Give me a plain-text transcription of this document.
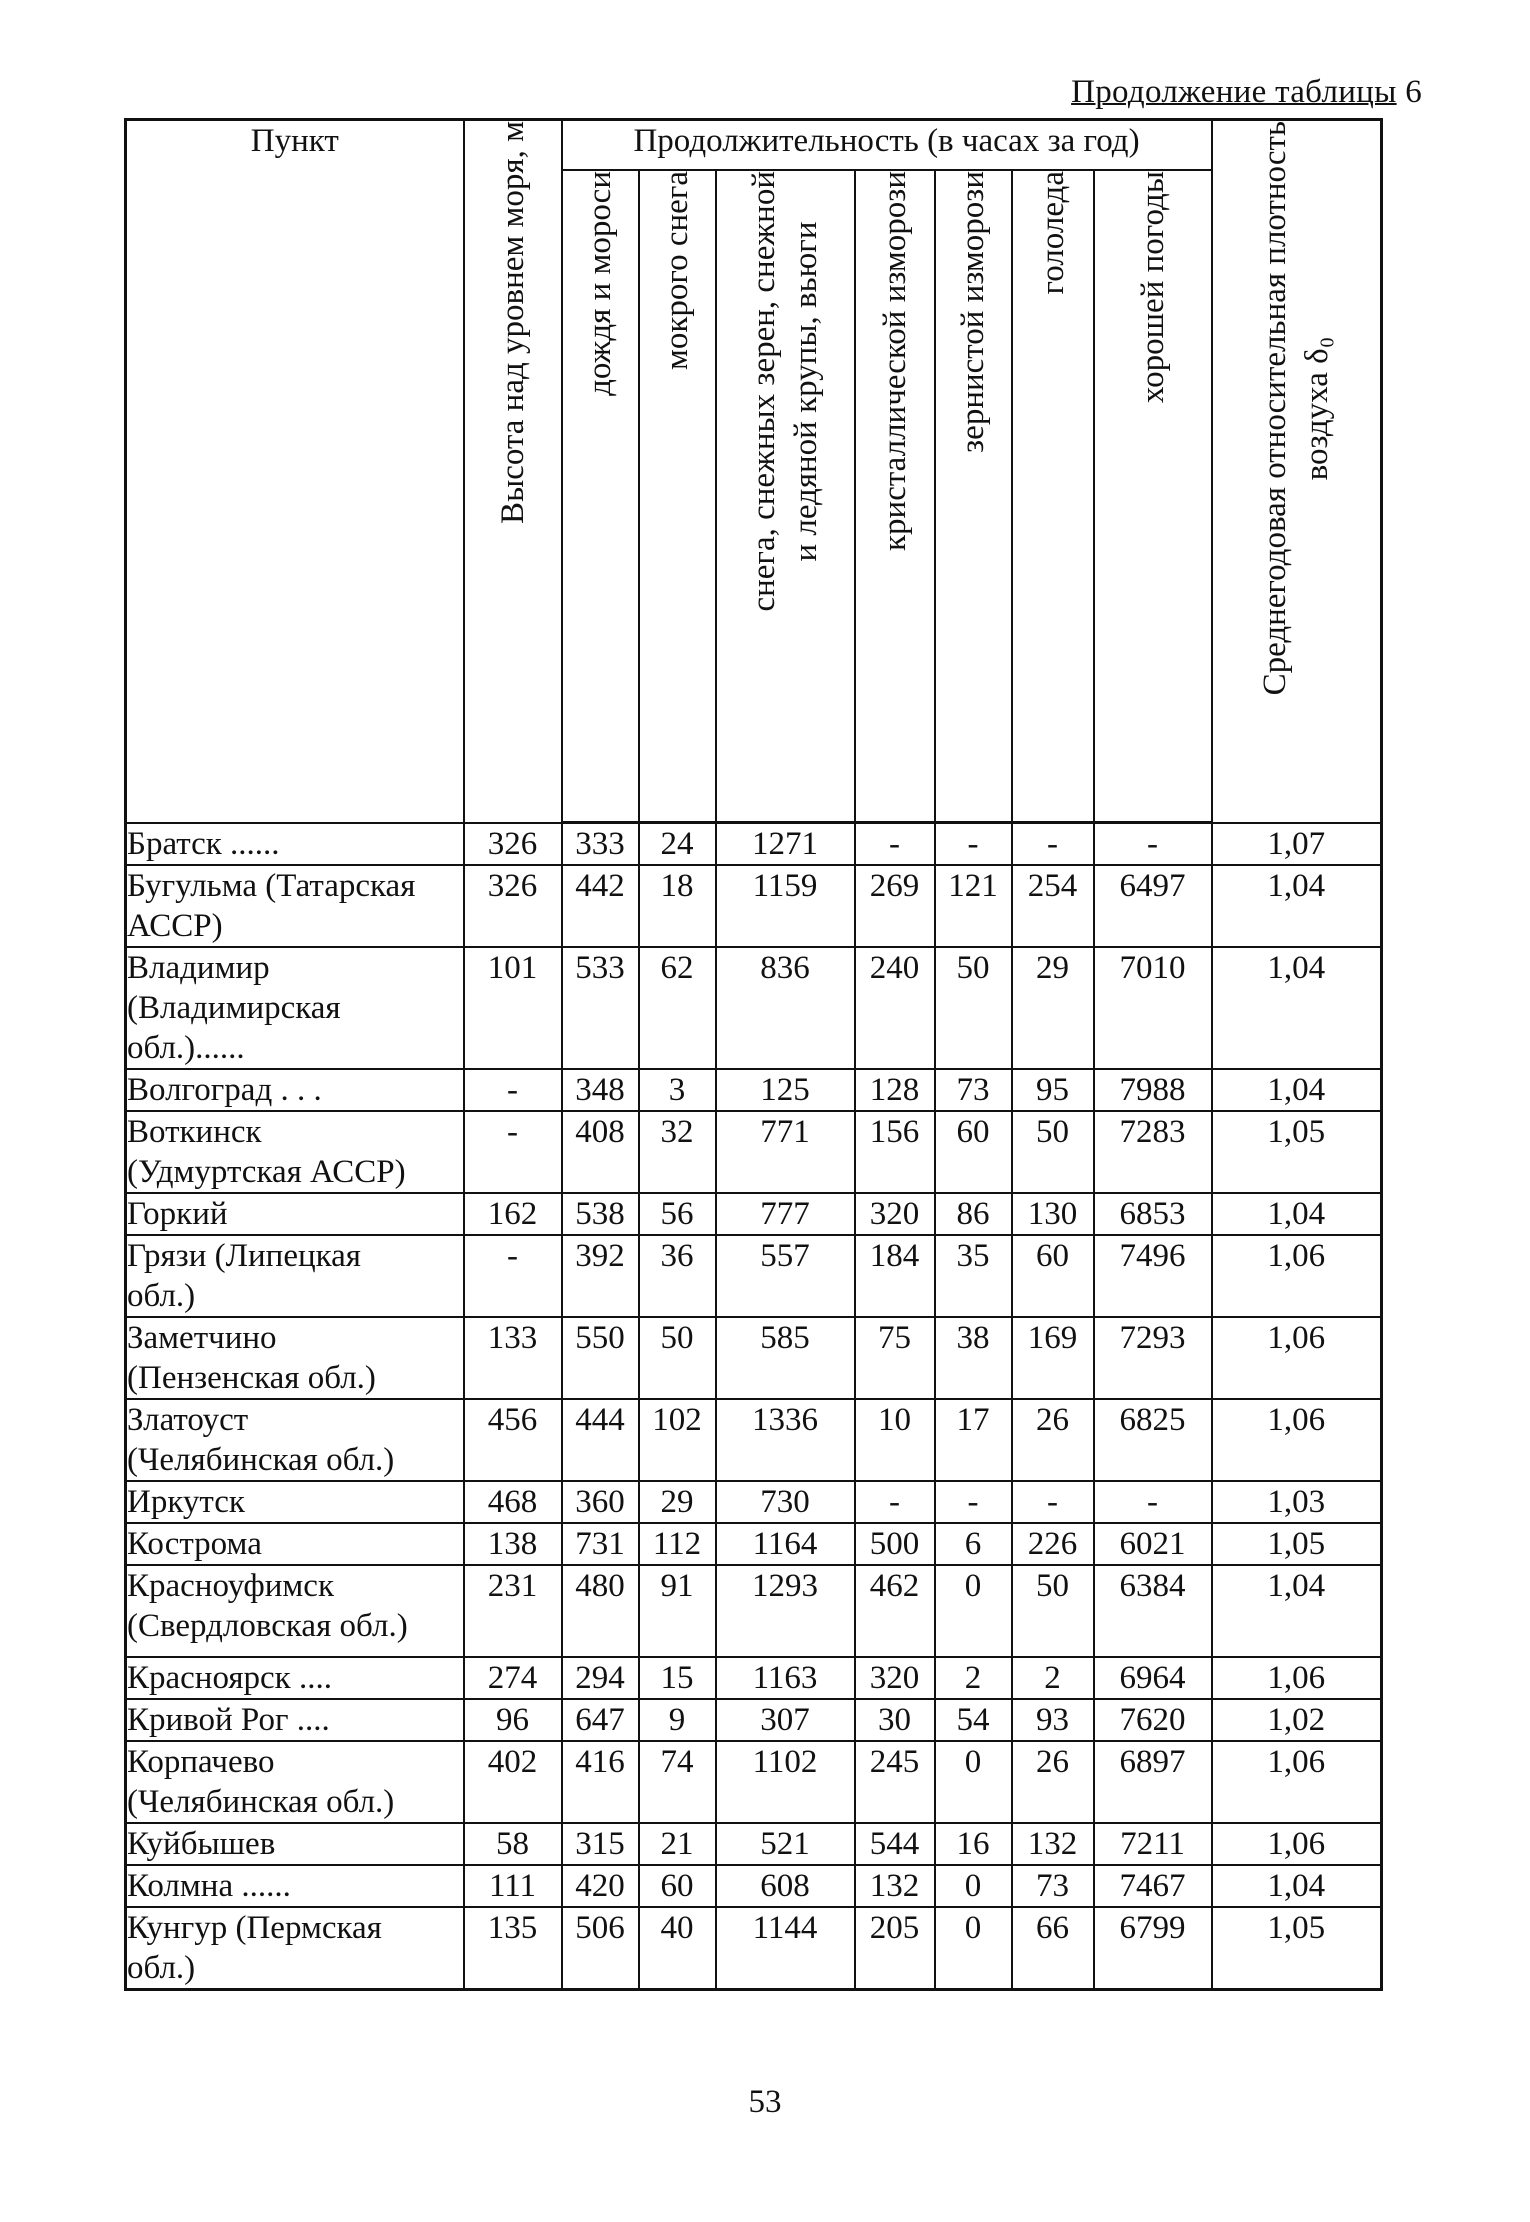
Продолжение таблицы 6
Пункт	Высота над уровнем моря, м	Продолжительность (в часах за год)							Среднегодовая относительная плотность
воздуха δ₀

		дождя и мороси	мокрого снега	снега, снежных зерен, снежной
и ледяной крупы, вьюги	кристаллической изморози	зернистой изморози	гололеда	хорошей погоды	

Братск ......	326	333	24	1271	-	-	-	-	1,07
Бугульма (Татарская
АССР)	326	442	18	1159	269	121	254	6497	1,04
Владимир
(Владимирская
обл.)......	101	533	62	836	240	50	29	7010	1,04
Волгоград . . .	-	348	3	125	128	73	95	7988	1,04
Воткинск
(Удмуртская АССР)	-	408	32	771	156	60	50	7283	1,05
Горкий	162	538	56	777	320	86	130	6853	1,04
Грязи (Липецкая
обл.)	-	392	36	557	184	35	60	7496	1,06
Заметчино
(Пензенская обл.)	133	550	50	585	75	38	169	7293	1,06
Златоуст
(Челябинская обл.)	456	444	102	1336	10	17	26	6825	1,06
Иркутск	468	360	29	730	-	-	-	-	1,03
Кострома	138	731	112	1164	500	6	226	6021	1,05
Красноуфимск
(Свердловская обл.)	231	480	91	1293	462	0	50	6384	1,04
Красноярск ....	274	294	15	1163	320	2	2	6964	1,06
Кривой Рог ....	96	647	9	307	30	54	93	7620	1,02
Корпачево
(Челябинская обл.)	402	416	74	1102	245	0	26	6897	1,06
Куйбышев	58	315	21	521	544	16	132	7211	1,06
Колмна ......	111	420	60	608	132	0	73	7467	1,04
Кунгур (Пермская
обл.)	135	506	40	1144	205	0	66	6799	1,05
53
